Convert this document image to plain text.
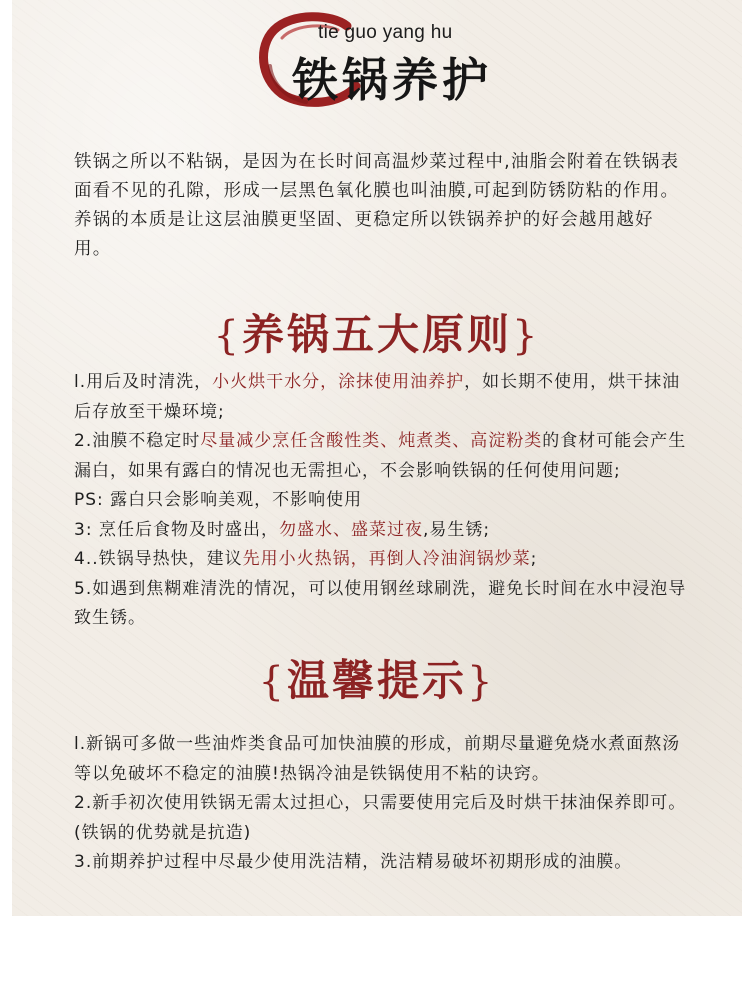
tie guo yang hu
铁锅养护
铁锅之所以不粘锅，是因为在长时间高温炒菜过程中,油脂会附着在铁锅表面看不见的孔隙，形成一层黑色氧化膜也叫油膜,可起到防锈防粘的作用。养锅的本质是让这层油膜更坚固、更稳定所以铁锅养护的好会越用越好用。
{养锅五大原则}
l.用后及时清洗，小火烘干水分，涂抹使用油养护，如长期不使用，烘干抹油后存放至干燥环境;
2.油膜不稳定时尽量减少烹任含酸性类、炖煮类、高淀粉类的食材可能会产生漏白，如果有露白的情况也无需担心，不会影响铁锅的任何使用问题;
PS: 露白只会影响美观，不影响使用
3: 烹任后食物及时盛出，勿盛水、盛菜过夜,易生锈;
4..铁锅导热快，建议先用小火热锅，再倒人冷油润锅炒菜;
5.如遇到焦糊难清洗的情况，可以使用钢丝球刷洗，避免长时间在水中浸泡导致生锈。
{温馨提示}
l.新锅可多做一些油炸类食品可加快油膜的形成，前期尽量避免烧水煮面熬汤等以免破坏不稳定的油膜!热锅冷油是铁锅使用不粘的诀窍。
2.新手初次使用铁锅无需太过担心，只需要使用完后及时烘干抹油保养即可。(铁锅的优势就是抗造)
3.前期养护过程中尽最少使用洗洁精，洗洁精易破坏初期形成的油膜。
